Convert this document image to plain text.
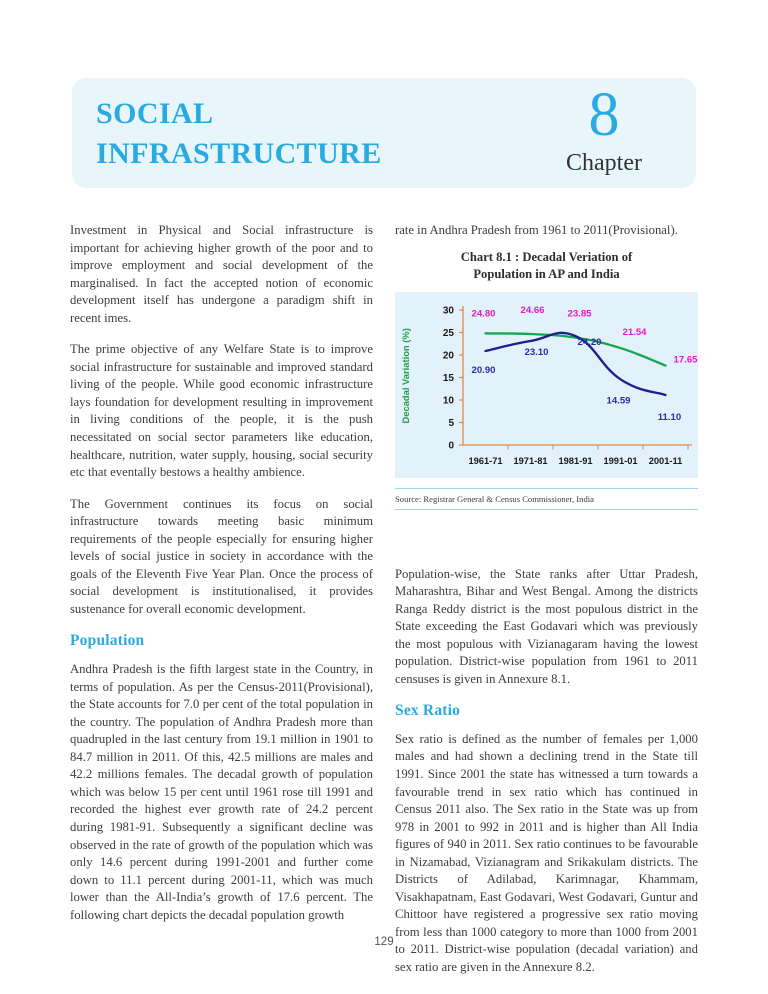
SOCIAL
INFRASTRUCTURE
8
Chapter

Investment in Physical and Social infrastructure is important for achieving higher growth of the poor and to improve employment and social development of the marginalised. In fact the accepted notion of economic development itself has undergone a paradigm shift in recent imes.

The prime objective of any Welfare State is to improve social infrastructure for sustainable and improved standard living of the people. While good economic infrastructure lays foundation for development resulting in improvement in living conditions of the people, it is the push necessitated on social sector parameters like education, healthcare, nutrition, water supply, housing, social security etc that eventally bestows a healthy ambience.

The Government continues its focus on social infrastructure towards meeting basic minimum requirements of the people especially for ensuring higher levels of social justice in society in accordance with the goals of the Eleventh Five Year Plan. Once the process of social development is institutionalised, it provides sustenance for overall economic development.

Population

Andhra Pradesh is the fifth largest state in the Country, in terms of population. As per the Census-2011(Provisional), the State accounts for 7.0 per cent of the total population in the country. The population of Andhra Pradesh more than quadrupled in the last century from 19.1 million in 1901 to 84.7 million in 2011. Of this, 42.5 millions are males and 42.2 millions females. The decadal growth of population which was below 15 per cent until 1961 rose till 1991 and recorded the highest ever growth rate of 24.2 percent during 1981-91. Subsequently a significant decline was observed in the rate of growth of the population which was only 14.6 percent during 1991-2001 and further come down to 11.1 percent during 2001-11, which was much lower than the All-India’s growth of 17.6 percent. The following chart depicts the decadal population growth

rate in Andhra Pradesh from 1961 to 2011(Provisional).

Population-wise, the State ranks after Uttar Pradesh, Maharashtra, Bihar and West Bengal. Among the districts Ranga Reddy district is the most populous district in the State exceeding the East Godavari which was previously the most populous with Vizianagaram having the lowest population. District-wise population from 1961 to 2011 censuses is given in Annexure 8.1.

Sex Ratio

Sex ratio is defined as the number of females per 1,000 males and had shown a declining trend in the State till 1991. Since 2001 the state has witnessed a turn towards a favourable trend in sex ratio which has continued in Census 2011 also. The Sex ratio in the State was up from 978 in 2001 to 992 in 2011 and is higher than All India figures of 940 in 2011. Sex ratio continues to be favourable in Nizamabad, Vizianagram and Srikakulam districts. The Districts of Adilabad, Karimnagar, Khammam, Visakhapatnam, East Godavari, West Godavari, Guntur and Chittoor have registered a progressive sex ratio moving from less than 1000 category to more than 1000 from 2001 to 2011. District-wise population (decadal variation) and sex ratio are given in the Annexure 8.2.

Chart 8.1 : Decadal Veriation of
Population in AP and India
Decadal Variation (%)
0
5
10
15
20
25
30
1961-71 1971-81 1981-91 1991-01 2001-11
24.80	24.66 23.85
21.54
17.65
20.90
23.10
24.20
14.59
11.10
Source: Registrar General & Census Commissioner, India
129
